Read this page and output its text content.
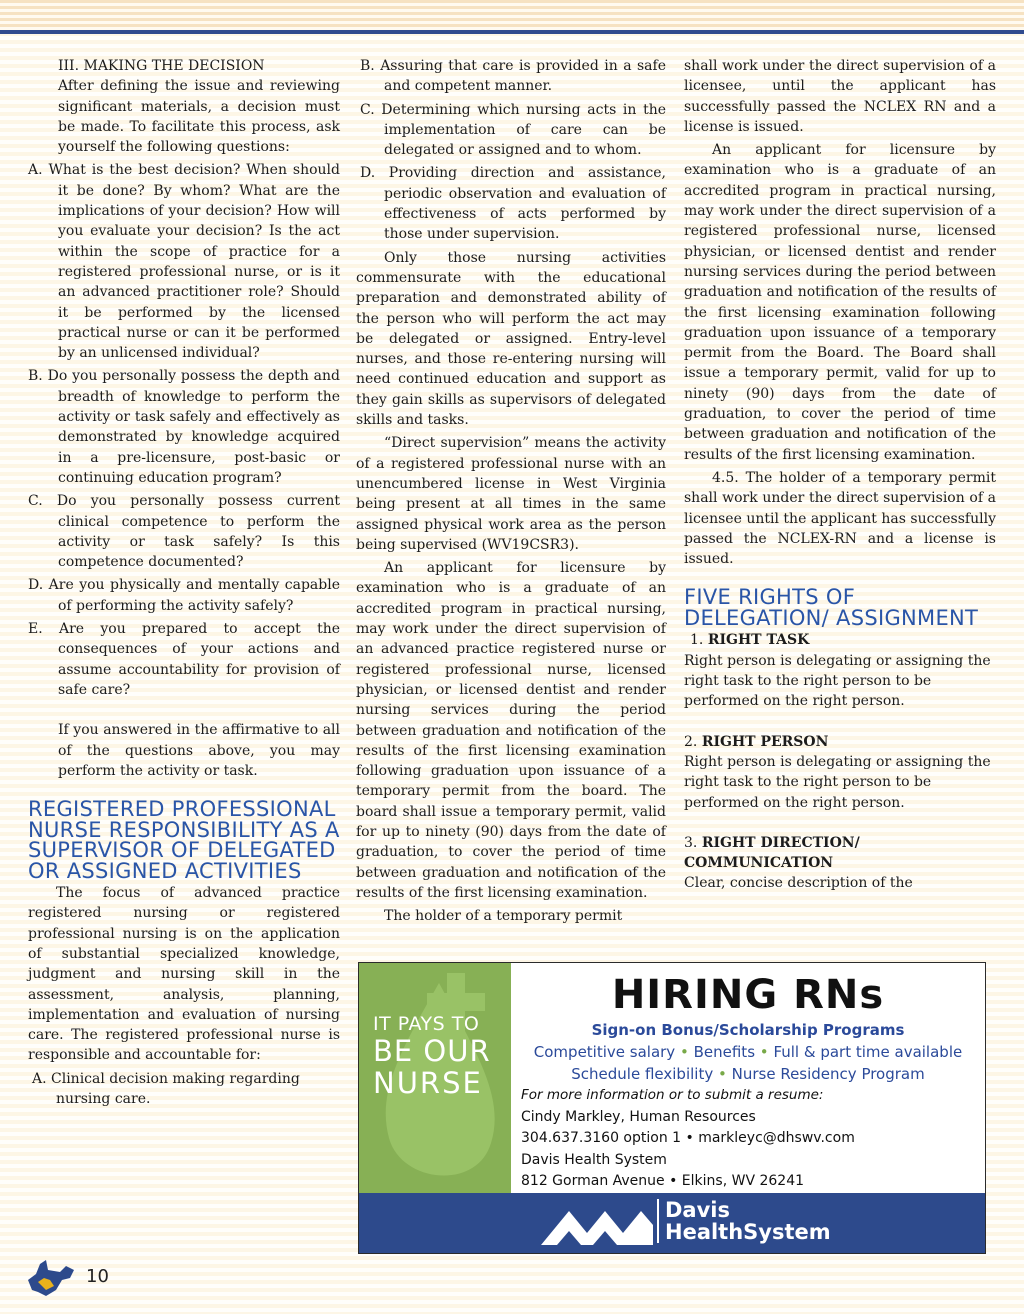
III. MAKING THE DECISION

After defining the issue and reviewing significant materials, a decision must be made. To facilitate this process, ask yourself the following questions:

A. What is the best decision? When should it be done? By whom? What are the implications of your decision? How will you evaluate your decision? Is the act within the scope of practice for a registered professional nurse, or is it an advanced practitioner role? Should it be performed by the licensed practical nurse or can it be performed by an unlicensed individual?

B. Do you personally possess the depth and breadth of knowledge to perform the activity or task safely and effectively as demonstrated by knowledge acquired in a pre-licensure, post-basic or continuing education program?

C. Do you personally possess current clinical competence to perform the activity or task safely? Is this competence documented?

D. Are you physically and mentally capable of performing the activity safely?

E. Are you prepared to accept the consequences of your actions and assume accountability for provision of safe care?

If you answered in the affirmative to all of the questions above, you may perform the activity or task.

REGISTERED PROFESSIONAL NURSE RESPONSIBILITY AS A SUPERVISOR OF DELEGATED OR ASSIGNED ACTIVITIES

The focus of advanced practice registered nursing or registered professional nursing is on the application of substantial specialized knowledge, judgment and nursing skill in the assessment, analysis, planning, implementation and evaluation of nursing care. The registered professional nurse is responsible and accountable for:

A. Clinical decision making regarding nursing care.

B. Assuring that care is provided in a safe and competent manner.

C. Determining which nursing acts in the implementation of care can be delegated or assigned and to whom.

D. Providing direction and assistance, periodic observation and evaluation of effectiveness of acts performed by those under supervision.

Only those nursing activities commensurate with the educational preparation and demonstrated ability of the person who will perform the act may be delegated or assigned. Entry-level nurses, and those re-entering nursing will need continued education and support as they gain skills as supervisors of delegated skills and tasks.

“Direct supervision” means the activity of a registered professional nurse with an unencumbered license in West Virginia being present at all times in the same assigned physical work area as the person being supervised (WV19CSR3).

An applicant for licensure by examination who is a graduate of an accredited program in practical nursing, may work under the direct supervision of an advanced practice registered nurse or registered professional nurse, licensed physician, or licensed dentist and render nursing services during the period between graduation and notification of the results of the first licensing examination following graduation upon issuance of a temporary permit from the board. The board shall issue a temporary permit, valid for up to ninety (90) days from the date of graduation, to cover the period of time between graduation and notification of the results of the first licensing examination.

The holder of a temporary permit

shall work under the direct supervision of a licensee, until the applicant has successfully passed the NCLEX RN and a license is issued.

An applicant for licensure by examination who is a graduate of an accredited program in practical nursing, may work under the direct supervision of a registered professional nurse, licensed physician, or licensed dentist and render nursing services during the period between graduation and notification of the results of the first licensing examination following graduation upon issuance of a temporary permit from the Board. The Board shall issue a temporary permit, valid for up to ninety (90) days from the date of graduation, to cover the period of time between graduation and notification of the results of the first licensing examination.

4.5. The holder of a temporary permit shall work under the direct supervision of a licensee until the applicant has successfully passed the NCLEX-RN and a license is issued.

FIVE RIGHTS OF DELEGATION/ ASSIGNMENT

1. RIGHT TASK

Right person is delegating or assigning the right task to the right person to be performed on the right person.

2. RIGHT PERSON

Right person is delegating or assigning the right task to the right person to be performed on the right person.

3. RIGHT DIRECTION/ COMMUNICATION

Clear, concise description of the

IT PAYS TO
BE OUR
NURSE
HIRING RNs
Sign-on Bonus/Scholarship Programs
Competitive salary • Benefits • Full & part time available
Schedule flexibility • Nurse Residency Program
For more information or to submit a resume:
Cindy Markley, Human Resources
304.637.3160 option 1 • markleyc@dhswv.com
Davis Health System
812 Gorman Avenue • Elkins, WV 26241
Davis
HealthSystem
10
